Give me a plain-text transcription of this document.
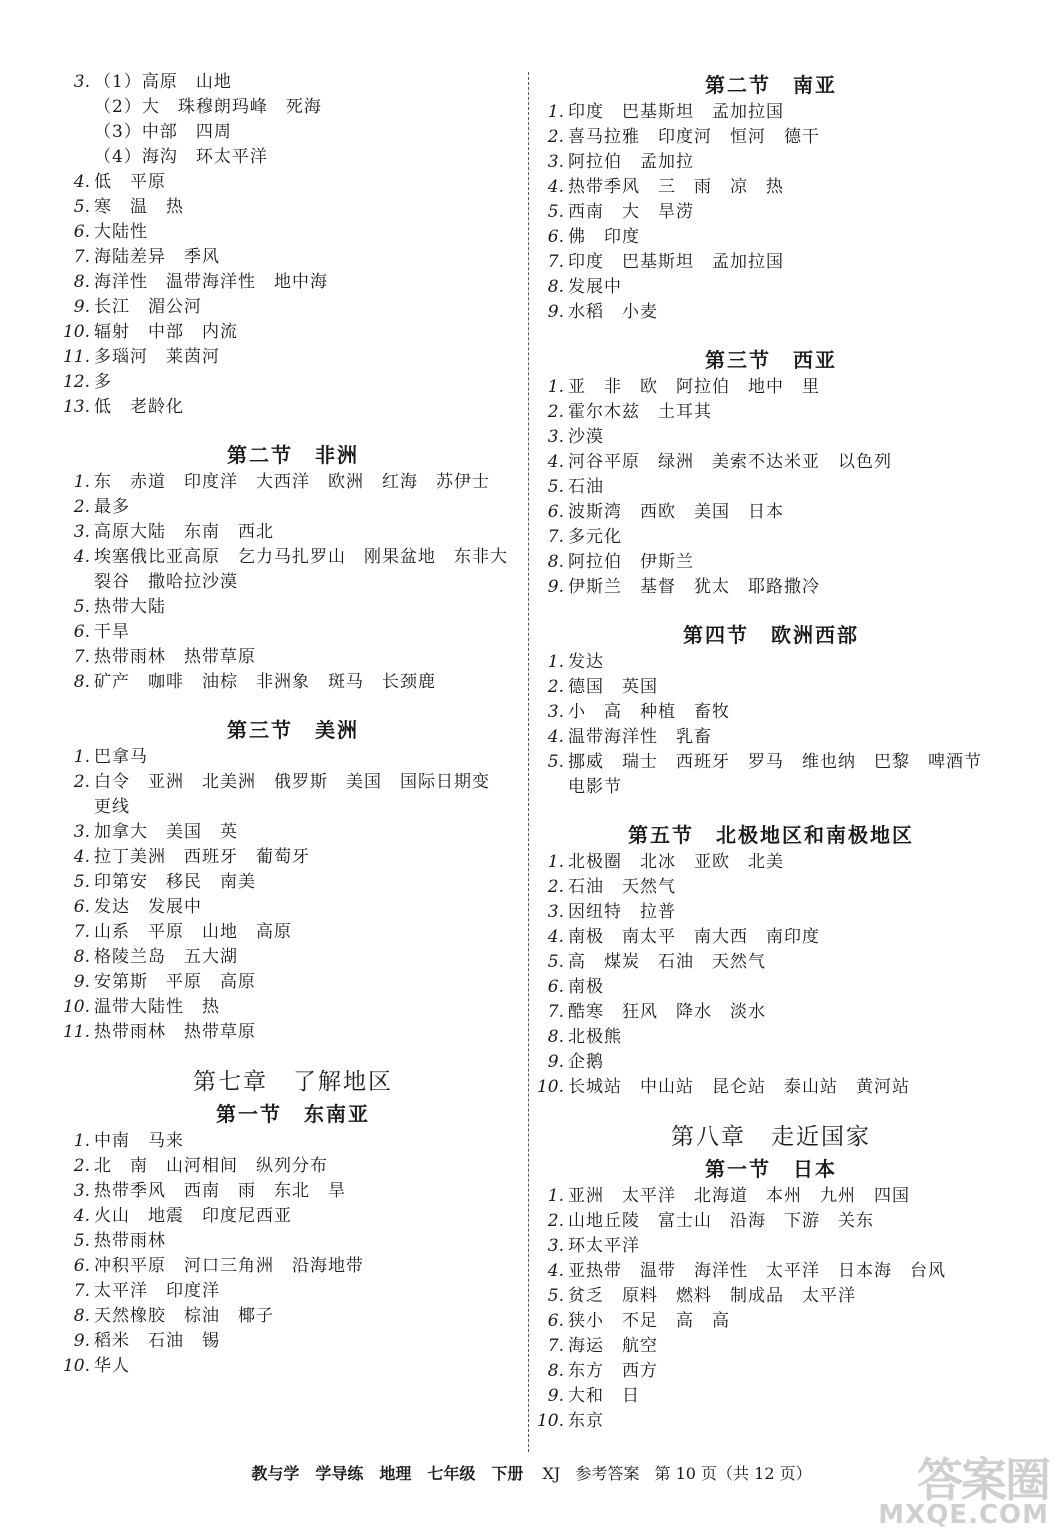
3. （1）高原　山地
（2）大　珠穆朗玛峰　死海
（3）中部　四周
（4）海沟　环太平洋
4. 低　平原
5. 寒　温　热
6. 大陆性
7. 海陆差异　季风
8. 海洋性　温带海洋性　地中海
9. 长江　湄公河
10. 辐射　中部　内流
11. 多瑙河　莱茵河
12. 多
13. 低　老龄化
第二节　非洲
1. 东　赤道　印度洋　大西洋　欧洲　红海　苏伊士
2. 最多
3. 高原大陆　东南　西北
4. 埃塞俄比亚高原　乞力马扎罗山　刚果盆地　东非大
裂谷　撒哈拉沙漠
5. 热带大陆
6. 干旱
7. 热带雨林　热带草原
8. 矿产　咖啡　油棕　非洲象　斑马　长颈鹿
第三节　美洲
1. 巴拿马
2. 白令　亚洲　北美洲　俄罗斯　美国　国际日期变
更线
3. 加拿大　美国　英
4. 拉丁美洲　西班牙　葡萄牙
5. 印第安　移民　南美
6. 发达　发展中
7. 山系　平原　山地　高原
8. 格陵兰岛　五大湖
9. 安第斯　平原　高原
10. 温带大陆性　热
11. 热带雨林　热带草原
第七章　了解地区
第一节　东南亚
1. 中南　马来
2. 北　南　山河相间　纵列分布
3. 热带季风　西南　雨　东北　旱
4. 火山　地震　印度尼西亚
5. 热带雨林
6. 冲积平原　河口三角洲　沿海地带
7. 太平洋　印度洋
8. 天然橡胶　棕油　椰子
9. 稻米　石油　锡
10. 华人
第二节　南亚
1. 印度　巴基斯坦　孟加拉国
2. 喜马拉雅　印度河　恒河　德干
3. 阿拉伯　孟加拉
4. 热带季风　三　雨　凉　热
5. 西南　大　旱涝
6. 佛　印度
7. 印度　巴基斯坦　孟加拉国
8. 发展中
9. 水稻　小麦
第三节　西亚
1. 亚　非　欧　阿拉伯　地中　里
2. 霍尔木兹　土耳其
3. 沙漠
4. 河谷平原　绿洲　美索不达米亚　以色列
5. 石油
6. 波斯湾　西欧　美国　日本
7. 多元化
8. 阿拉伯　伊斯兰
9. 伊斯兰　基督　犹太　耶路撒冷
第四节　欧洲西部
1. 发达
2. 德国　英国
3. 小　高　种植　畜牧
4. 温带海洋性　乳畜
5. 挪威　瑞士　西班牙　罗马　维也纳　巴黎　啤酒节
电影节
第五节　北极地区和南极地区
1. 北极圈　北冰　亚欧　北美
2. 石油　天然气
3. 因纽特　拉普
4. 南极　南太平　南大西　南印度
5. 高　煤炭　石油　天然气
6. 南极
7. 酷寒　狂风　降水　淡水
8. 北极熊
9. 企鹅
10. 长城站　中山站　昆仑站　泰山站　黄河站
第八章　走近国家
第一节　日本
1. 亚洲　太平洋　北海道　本州　九州　四国
2. 山地丘陵　富士山　沿海　下游　关东
3. 环太平洋
4. 亚热带　温带　海洋性　太平洋　日本海　台风
5. 贫乏　原料　燃料　制成品　太平洋
6. 狭小　不足　高　高
7. 海运　航空
8. 东方　西方
9. 大和　日
10. 东京
教与学　学导练　地理　七年级　下册 XJ 参考答案 第 10 页（共 12 页）	答案圈
MXQE.COM
